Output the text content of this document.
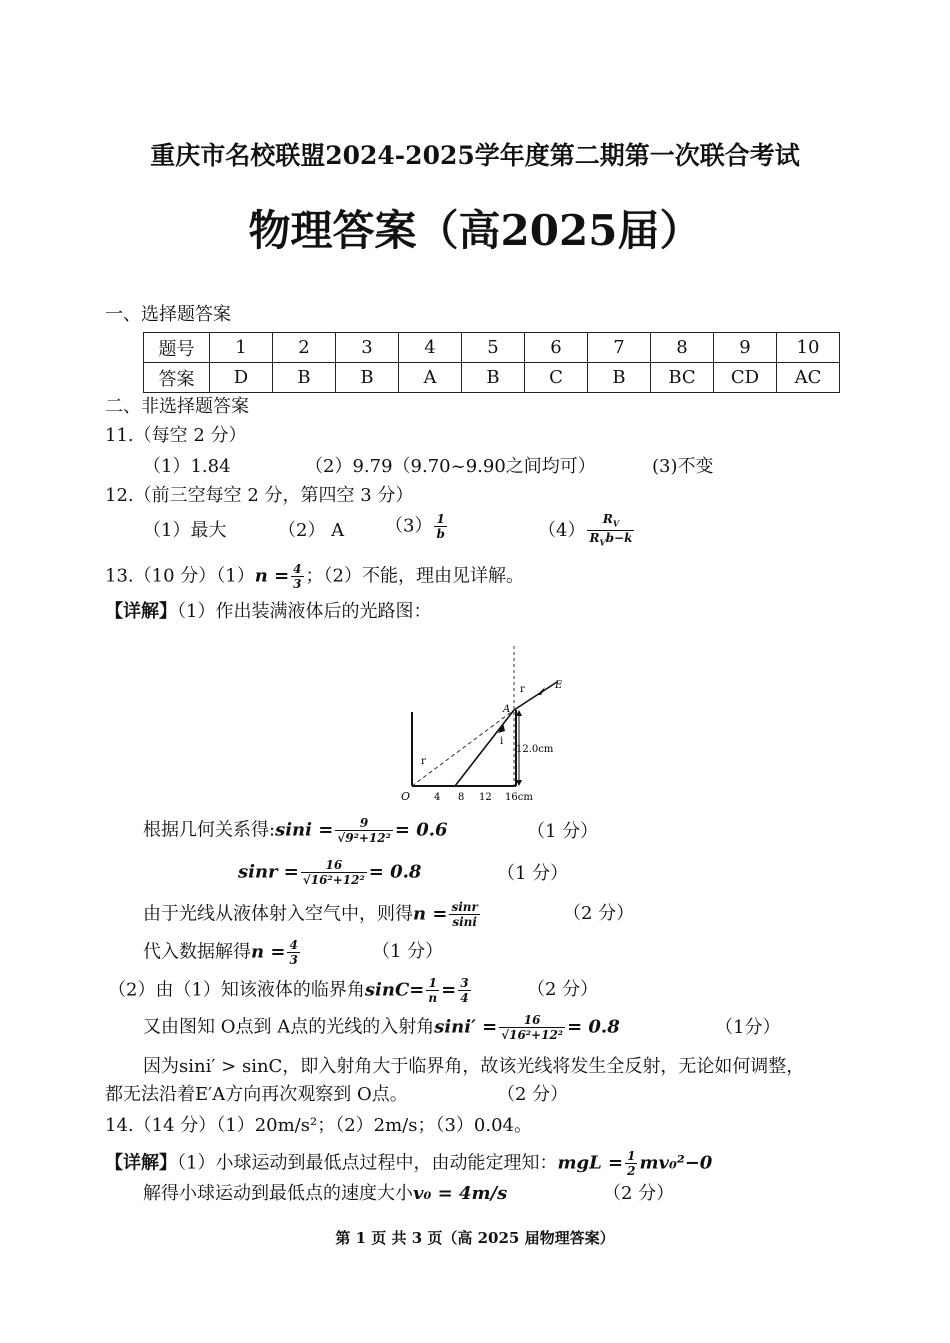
重庆市名校联盟2024-2025学年度第二期第一次联合考试
物理答案（高2025届）
一、选择题答案
题号	1	2	3	4	5	6	7	8	9	10
答案	D	B	B	A	B	C	B	BC	CD	AC
二、非选择题答案
11.（每空 2 分）
（1）1.84	（2）9.79（9.70~9.90之间均可）	(3)不变
12.（前三空每空 2 分，第四空 3 分）
（1）最大	（2） A $(3) \frac{1}{b}$	$(4) \frac{R_V}{R_Vb-k}$
13.（10 分）$(1)n = \frac{4}{3}$ ；（2）不能，理由见详解。
【详解】（1）作出装满液体后的光路图：
E
r
A
i
r
12.0cm
O 4 8 12 16cm
根据几何关系得:sini = $\frac{9}{\text{√9²+12²}} = 0.6$	（1 分）
$\sin r = \frac{16}{\text{√16²+12²}} = 0.8$	（1 分）
由于光线从液体射入空气中，则得$n = \frac{\sin r}{\sin i}$	（2 分）
代入数据解得$n = \frac{4}{3}$	（1 分）
（2）由（1）知该液体的临界角$\sin C= \frac{1}{n} = \frac{3}{4}$	（2 分）
又由图知 O点到 A点的光线的入射角$\sin i' = \frac{16}{\text{√16²+12²}} = 0.8$	（1分）
因为sini′ > sinC，即入射角大于临界角，故该光线将发生全反射，无论如何调整，
都无法沿着E′A方向再次观察到 O点。	（2 分）
14.（14 分）（1）20m/s²；（2）2m/s；（3）0.04。
【详解】（1）小球运动到最低点过程中，由动能定理知：mgL = $\frac{1}{2} mv_0^2-0$
解得小球运动到最低点的速度大小v₀ = 4m/s	（2 分）
第 1 页 共 3 页（高 2025 届物理答案）
